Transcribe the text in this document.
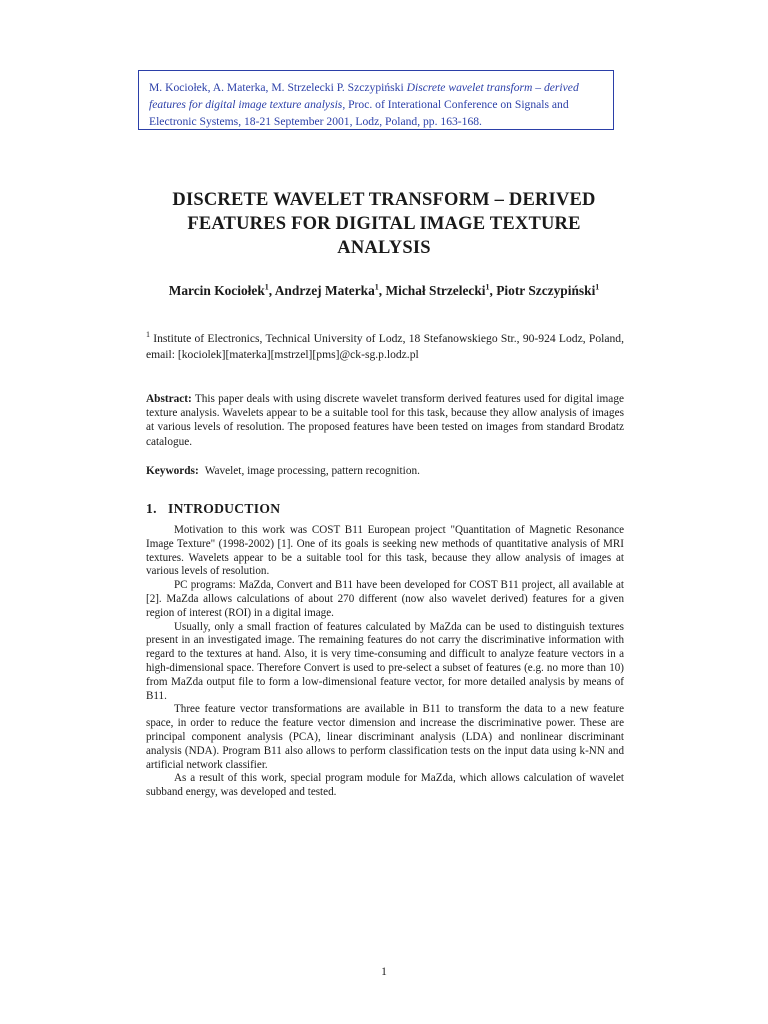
M. Kociołek, A. Materka, M. Strzelecki P. Szczypiński Discrete wavelet transform – derived features for digital image texture analysis, Proc. of Interational Conference on Signals and Electronic Systems, 18-21 September 2001, Lodz, Poland, pp. 163-168.
DISCRETE WAVELET TRANSFORM – DERIVED
FEATURES FOR DIGITAL IMAGE TEXTURE
ANALYSIS
Marcin Kociołek$^1$, Andrzej Materka$^1$, Michał Strzelecki$^1$, Piotr Szczypiński$^1$
$^1$ Institute of Electronics, Technical University of Lodz, 18 Stefanowskiego Str., 90-924 Lodz, Poland, email: [kociolek][materka][mstrzel][pms]@ck-sg.p.lodz.pl
Abstract: This paper deals with using discrete wavelet transform derived features used for digital image texture analysis. Wavelets appear to be a suitable tool for this task, because they allow analysis of images at various levels of resolution. The proposed features have been tested on images from standard Brodatz catalogue.
Keywords: Wavelet, image processing, pattern recognition.
1. INTRODUCTION

Motivation to this work was COST B11 European project "Quantitation of Magnetic Resonance Image Texture" (1998-2002) [1]. One of its goals is seeking new methods of quantitative analysis of MRI textures. Wavelets appear to be a suitable tool for this task, because they allow analysis of images at various levels of resolution.

PC programs: MaZda, Convert and B11 have been developed for COST B11 project, all available at [2]. MaZda allows calculations of about 270 different (now also wavelet derived) features for a given region of interest (ROI) in a digital image.

Usually, only a small fraction of features calculated by MaZda can be used to distinguish textures present in an investigated image. The remaining features do not carry the discriminative information with regard to the textures at hand. Also, it is very time-consuming and difficult to analyze feature vectors in a high-dimensional space. Therefore Convert is used to pre-select a subset of features (e.g. no more than 10) from MaZda output file to form a low-dimensional feature vector, for more detailed analysis by means of B11.

Three feature vector transformations are available in B11 to transform the data to a new feature space, in order to reduce the feature vector dimension and increase the discriminative power. These are principal component analysis (PCA), linear discriminant analysis (LDA) and nonlinear discriminant analysis (NDA). Program B11 also allows to perform classification tests on the input data using k-NN and artificial network classifier.

As a result of this work, special program module for MaZda, which allows calculation of wavelet subband energy, was developed and tested.

1
